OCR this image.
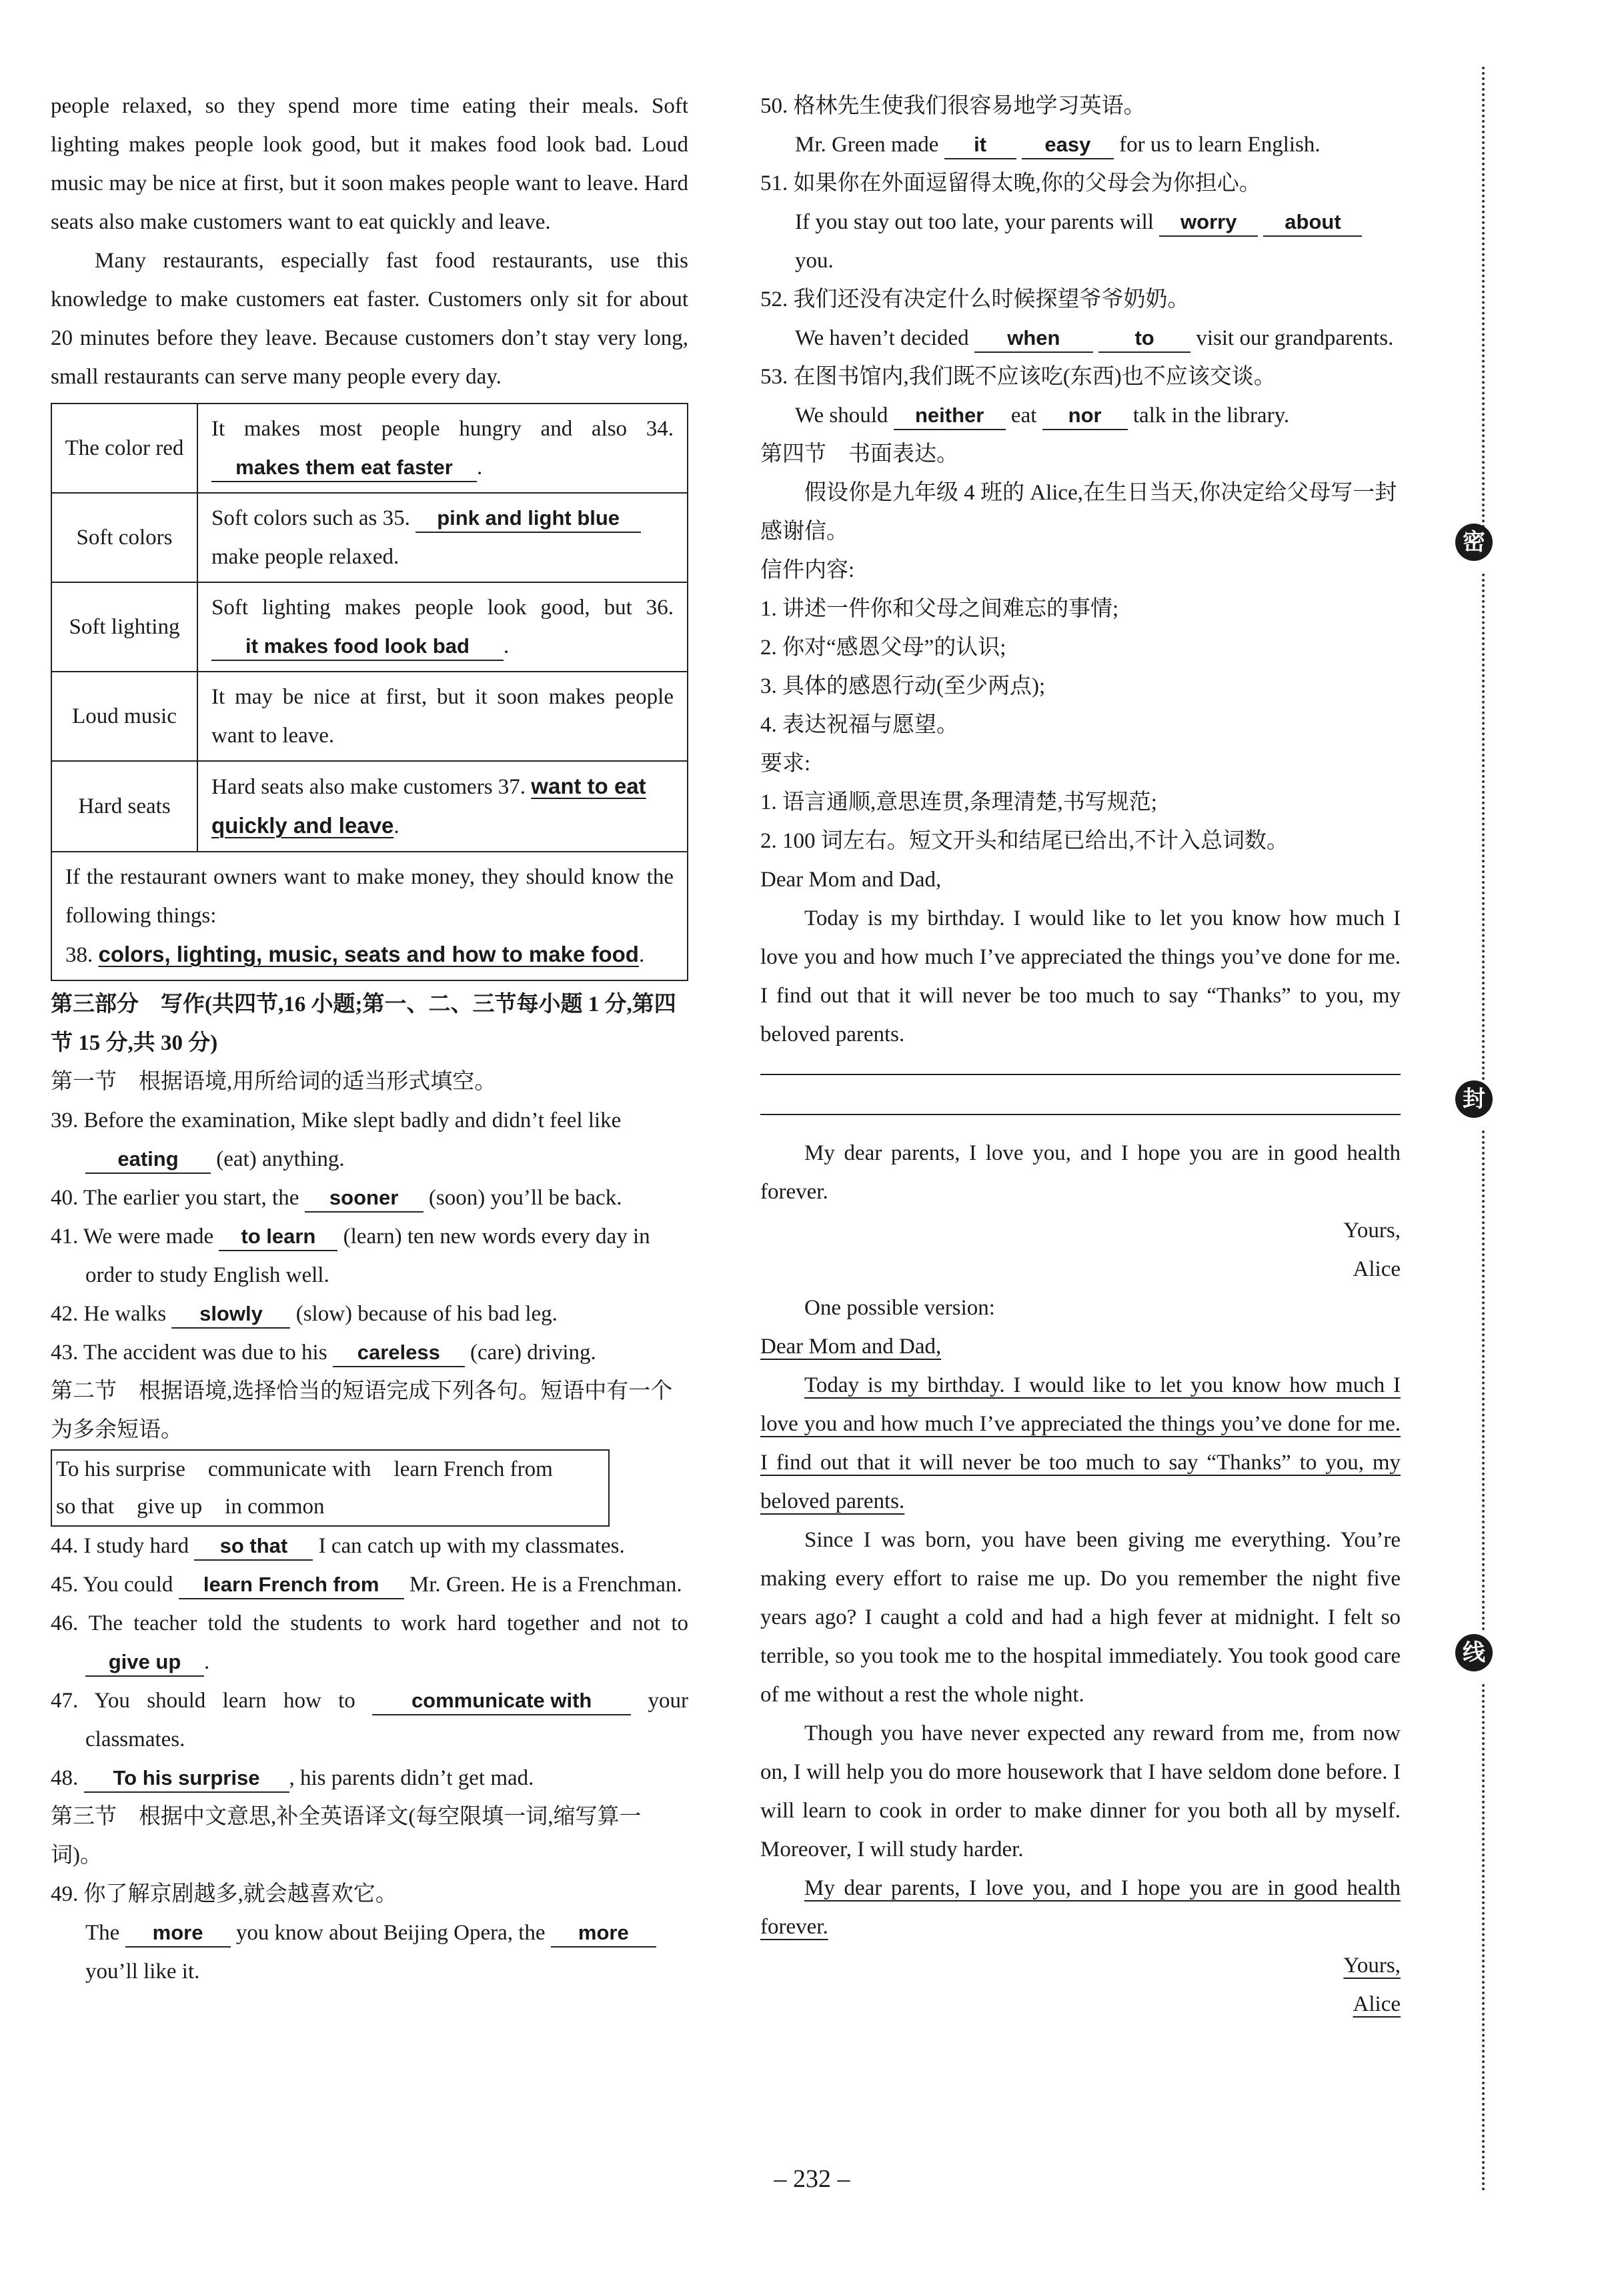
people relaxed, so they spend more time eating their meals. Soft lighting makes people look good, but it makes food look bad. Loud music may be nice at first, but it soon makes people want to leave. Hard seats also make customers want to eat quickly and leave.

Many restaurants, especially fast food restaurants, use this knowledge to make customers eat faster. Customers only sit for about 20 minutes before they leave. Because customers don’t stay very long, small restaurants can serve many people every day.

The color red	It makes most people hungry and also 34. makes them eat faster .
Soft colors	Soft colors such as 35. pink and light blue
make people relaxed.
Soft lighting	Soft lighting makes people look good, but 36. it makes food look bad .
Loud music	It may be nice at first, but it soon makes people want to leave.
Hard seats	Hard seats also make customers 37. want to eat quickly and leave.
If the restaurant owners want to make money, they should know the following things:
38. colors, lighting, music, seats and how to make food.	

第三部分　写作(共四节,16 小题;第一、二、三节每小题 1 分,第四节 15 分,共 30 分)

第一节　根据语境,用所给词的适当形式填空。

39. Before the examination, Mike slept badly and didn’t feel like eating (eat) anything.

40. The earlier you start, the sooner (soon) you’ll be back.

41. We were made to learn (learn) ten new words every day in order to study English well.

42. He walks slowly (slow) because of his bad leg.

43. The accident was due to his careless (care) driving.

第二节　根据语境,选择恰当的短语完成下列各句。短语中有一个为多余短语。

To his surprise communicate with learn French from
so that give up in common

44. I study hard so that I can catch up with my classmates.

45. You could learn French from Mr. Green. He is a Frenchman.

46. The teacher told the students to work hard together and not to give up .

47. You should learn how to	communicate with	your classmates.

48. To his surprise , his parents didn’t get mad.

第三节　根据中文意思,补全英语译文(每空限填一词,缩写算一词)。

49. 你了解京剧越多,就会越喜欢它。

The more you know about Beijing Opera, the more
you’ll like it.

50. 格林先生使我们很容易地学习英语。

Mr. Green made it	easy for us to learn English.

51. 如果你在外面逗留得太晚,你的父母会为你担心。

If you stay out too late, your parents will worry about
you.

52. 我们还没有决定什么时候探望爷爷奶奶。

We haven’t decided when	to visit our grandparents.

53. 在图书馆内,我们既不应该吃(东西)也不应该交谈。

We should neither eat nor talk in the library.

第四节　书面表达。

假设你是九年级 4 班的 Alice,在生日当天,你决定给父母写一封感谢信。

信件内容:

1. 讲述一件你和父母之间难忘的事情;

2. 你对“感恩父母”的认识;

3. 具体的感恩行动(至少两点);

4. 表达祝福与愿望。

要求:

1. 语言通顺,意思连贯,条理清楚,书写规范;

2. 100 词左右。短文开头和结尾已给出,不计入总词数。

Dear Mom and Dad,

Today is my birthday. I would like to let you know how much I love you and how much I’ve appreciated the things you’ve done for me. I find out that it will never be too much to say “Thanks” to you, my beloved parents.

My dear parents, I love you, and I hope you are in good health forever.

Yours,

Alice

One possible version:

Dear Mom and Dad,

Today is my birthday. I would like to let you know how much I love you and how much I’ve appreciated the things you’ve done for me. I find out that it will never be too much to say “Thanks” to you, my beloved parents.

Since I was born, you have been giving me everything. You’re making every effort to raise me up. Do you remember the night five years ago? I caught a cold and had a high fever at midnight. I felt so terrible, so you took me to the hospital immediately. You took good care of me without a rest the whole night.

Though you have never expected any reward from me, from now on, I will help you do more housework that I have seldom done before. I will learn to cook in order to make dinner for you both all by myself. Moreover, I will study harder.

My dear parents, I love you, and I hope you are in good health forever.

Yours,

Alice

密
封
线
– 232 –
